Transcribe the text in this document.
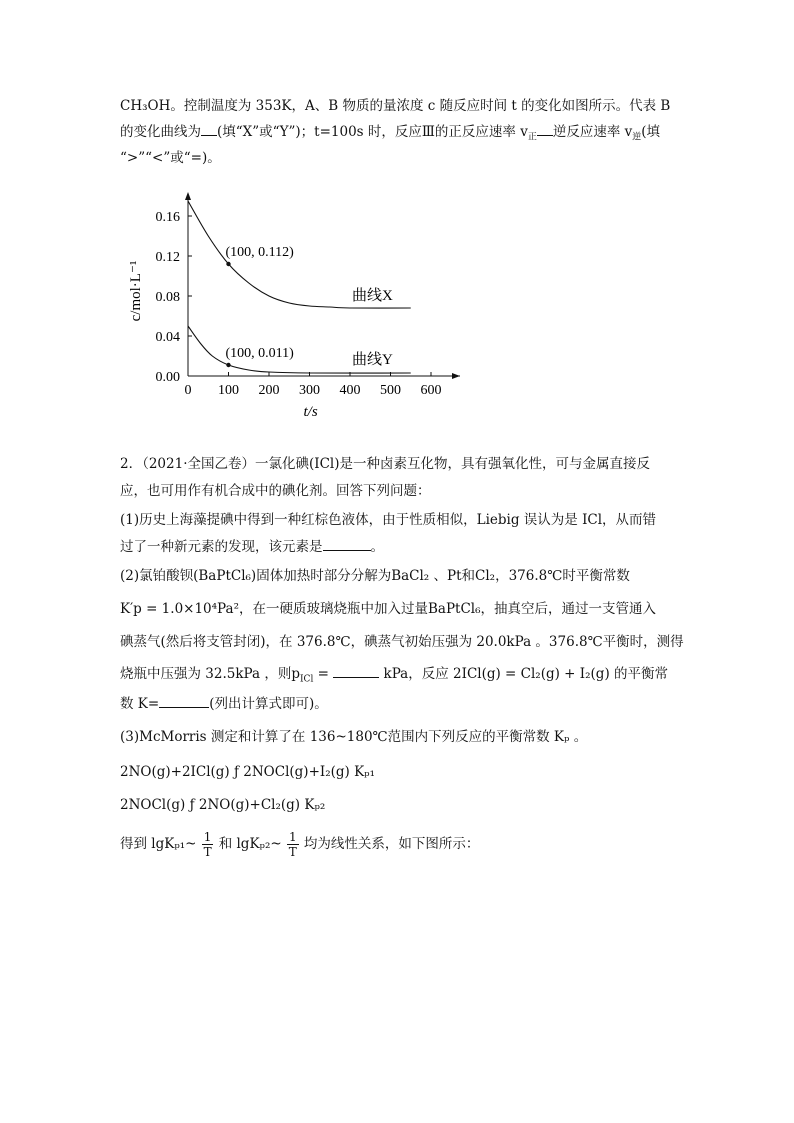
CH₃OH。控制温度为 353K，A、B 物质的量浓度 c 随反应时间 t 的变化如图所示。代表 B
的变化曲线为 (填“X”或“Y”)；t=100s 时，反应Ⅲ的正反应速率 $v_正$ 逆反应速率 $v_逆$(填
“>”“<”或“=)。
0 100 200 300 400 500 600
0.00
0.04
0.08
0.12
0.16
t/s
c/mol·L⁻¹	曲线X
曲线Y
(100, 0.112)
(100, 0.011)
2．（2021·全国乙卷）一氯化碘(ICl)是一种卤素互化物，具有强氧化性，可与金属直接反
应，也可用作有机合成中的碘化剂。回答下列问题：
(1)历史上海藻提碘中得到一种红棕色液体，由于性质相似，Liebig 误认为是 ICl，从而错
过了一种新元素的发现，该元素是	。
(2)氯铂酸钡(BaPtCl₆)固体加热时部分分解为BaCl₂ 、Pt和Cl₂，376.8℃时平衡常数
K′p = 1.0×10⁴Pa²，在一硬质玻璃烧瓶中加入过量BaPtCl₆，抽真空后，通过一支管通入
碘蒸气(然后将支管封闭)，在 376.8℃，碘蒸气初始压强为 20.0kPa 。376.8℃平衡时，测得
烧瓶中压强为 32.5kPa ，则$p_{ICl}$ =	kPa，反应 2ICl(g) = Cl₂(g) + I₂(g) 的平衡常
数 K=	(列出计算式即可)。
(3)McMorris 测定和计算了在 136~180℃范围内下列反应的平衡常数 Kₚ 。
2NO(g)+2ICl(g) ƒ 2NOCl(g)+I₂(g) Kₚ₁
2NOCl(g) ƒ 2NO(g)+Cl₂(g) Kₚ₂
得到 lgKₚ₁~ $\frac{1}{T}$ 和 lgKₚ₂~ $\frac{1}{T}$ 均为线性关系，如下图所示：
